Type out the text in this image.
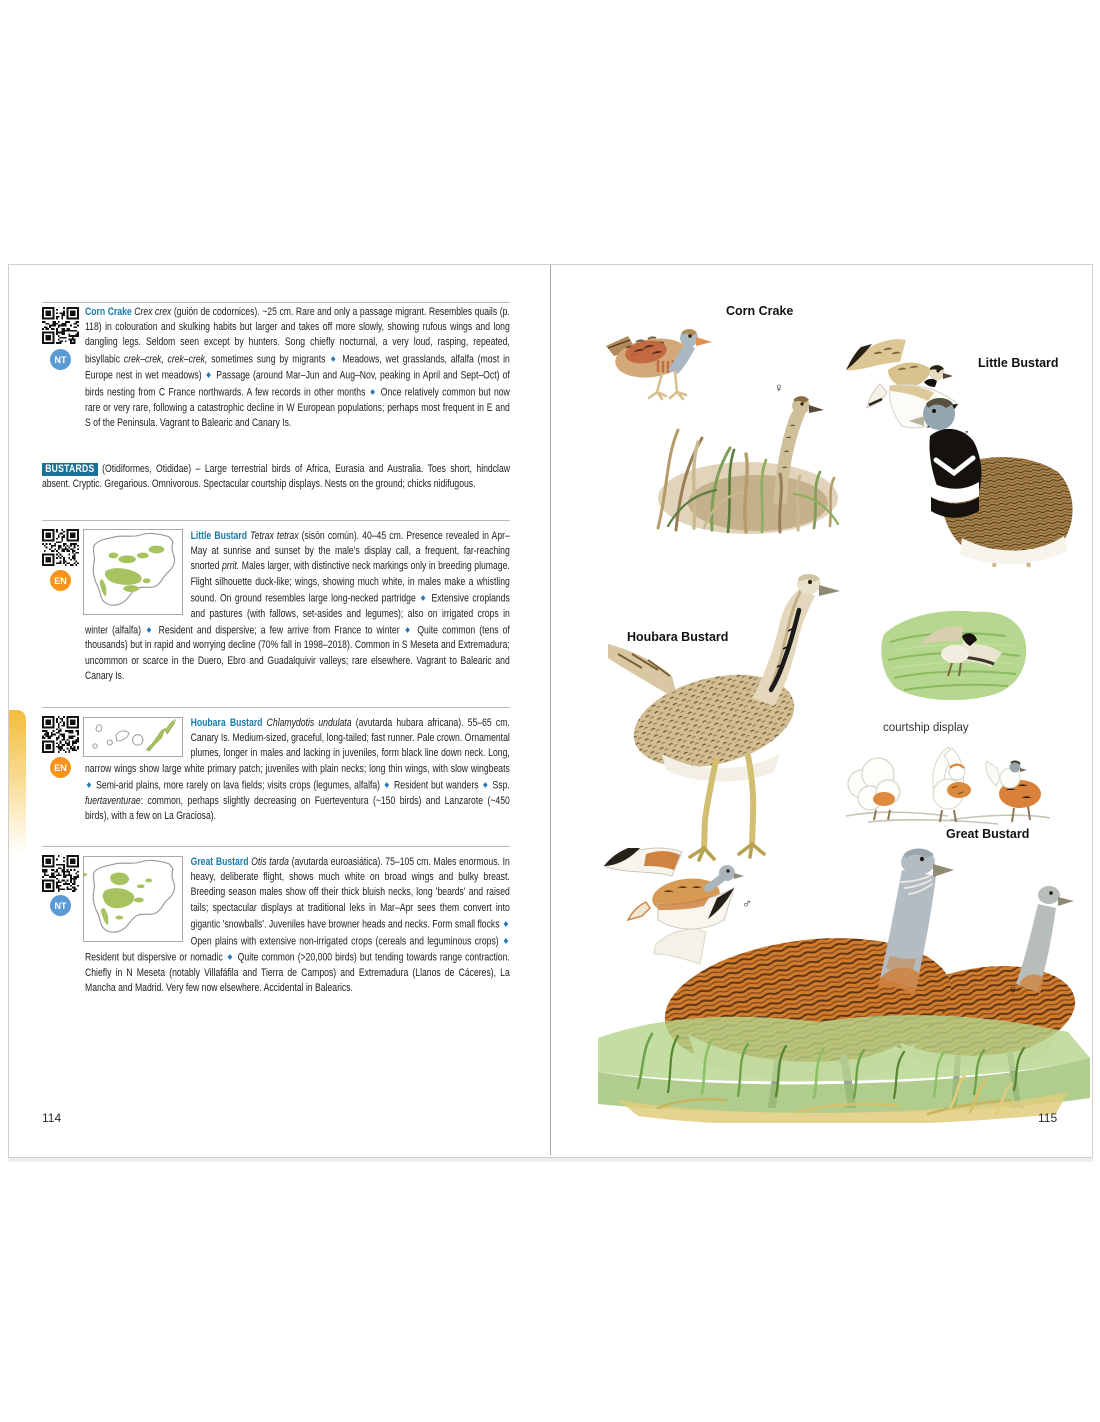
NT
EN
EN
NT
Corn Crake Crex crex (guión de codornices). ~25 cm. Rare and only a passage migrant. Resembles quails (p. 118) in colouration and skulking habits but larger and takes off more slowly, showing rufous wings and long dangling legs. Seldom seen except by hunters. Song chiefly nocturnal, a very loud, rasping, repeated, bisyllabic crek–crek, crek–crek, sometimes sung by migrants ◆ Meadows, wet grasslands, alfalfa (most in Europe nest in wet meadows) ◆ Passage (around Mar–Jun and Aug–Nov, peaking in April and Sept–Oct) of birds nesting from C France northwards. A few records in other months ◆ Once relatively common but now rare or very rare, following a catastrophic decline in W European populations; perhaps most frequent in E and S of the Peninsula. Vagrant to Balearic and Canary Is.
BUSTARDS (Otidiformes, Otididae) – Large terrestrial birds of Africa, Eurasia and Australia. Toes short, hindclaw absent. Cryptic. Gregarious. Omnivorous. Spectacular courtship displays. Nests on the ground; chicks nidifugous.
Little Bustard Tetrax tetrax (sisón común). 40–45 cm. Presence revealed in Apr–May at sunrise and sunset by the male's display call, a frequent, far-reaching snorted prrit. Males larger, with distinctive neck markings only in breeding plumage. Flight silhouette duck-like; wings, showing much white, in males make a whistling sound. On ground resembles large long-necked partridge ◆ Extensive croplands and pastures (with fallows, set-asides and legumes); also on irrigated crops in winter (alfalfa) ◆ Resident and dispersive; a few arrive from France to winter ◆ Quite common (tens of thousands) but in rapid and worrying decline (70% fall in 1998–2018). Common in S Meseta and Extremadura; uncommon or scarce in the Duero, Ebro and Guadalquivir valleys; rare elsewhere. Vagrant to Balearic and Canary Is.
Houbara Bustard Chlamydotis undulata (avutarda hubara africana). 55–65 cm. Canary Is. Medium-sized, graceful, long-tailed; fast runner. Pale crown. Ornamental plumes, longer in males and lacking in juveniles, form black line down neck. Long, narrow wings show large white primary patch; juveniles with plain necks; long thin wings, with slow wingbeats ◆ Semi-arid plains, more rarely on lava fields; visits crops (legumes, alfalfa) ◆ Resident but wanders ◆ Ssp. fuertaventurae: common, perhaps slightly decreasing on Fuerteventura (~150 birds) and Lanzarote (~450 birds), with a few on La Graciosa).
Great Bustard Otis tarda (avutarda euroasiática). 75–105 cm. Males enormous. In heavy, deliberate flight, shows much white on broad wings and bulky breast. Breeding season males show off their thick bluish necks, long 'beards' and raised tails; spectacular displays at traditional leks in Mar–Apr sees them convert into gigantic 'snowballs'. Juveniles have browner heads and necks. Form small flocks ◆ Open plains with extensive non-irrigated crops (cereals and leguminous crops) ◆ Resident but dispersive or nomadic ◆ Quite common (>20,000 birds) but tending towards range contraction. Chiefly in N Meseta (notably Villafáfila and Tierra de Campos) and Extremadura (Llanos de Cáceres), La Mancha and Madrid. Very few now elsewhere. Accidental in Balearics.
114
Corn Crake
Little Bustard
Houbara Bustard
courtship display
Great Bustard
♀
♂
♂
♀
115
